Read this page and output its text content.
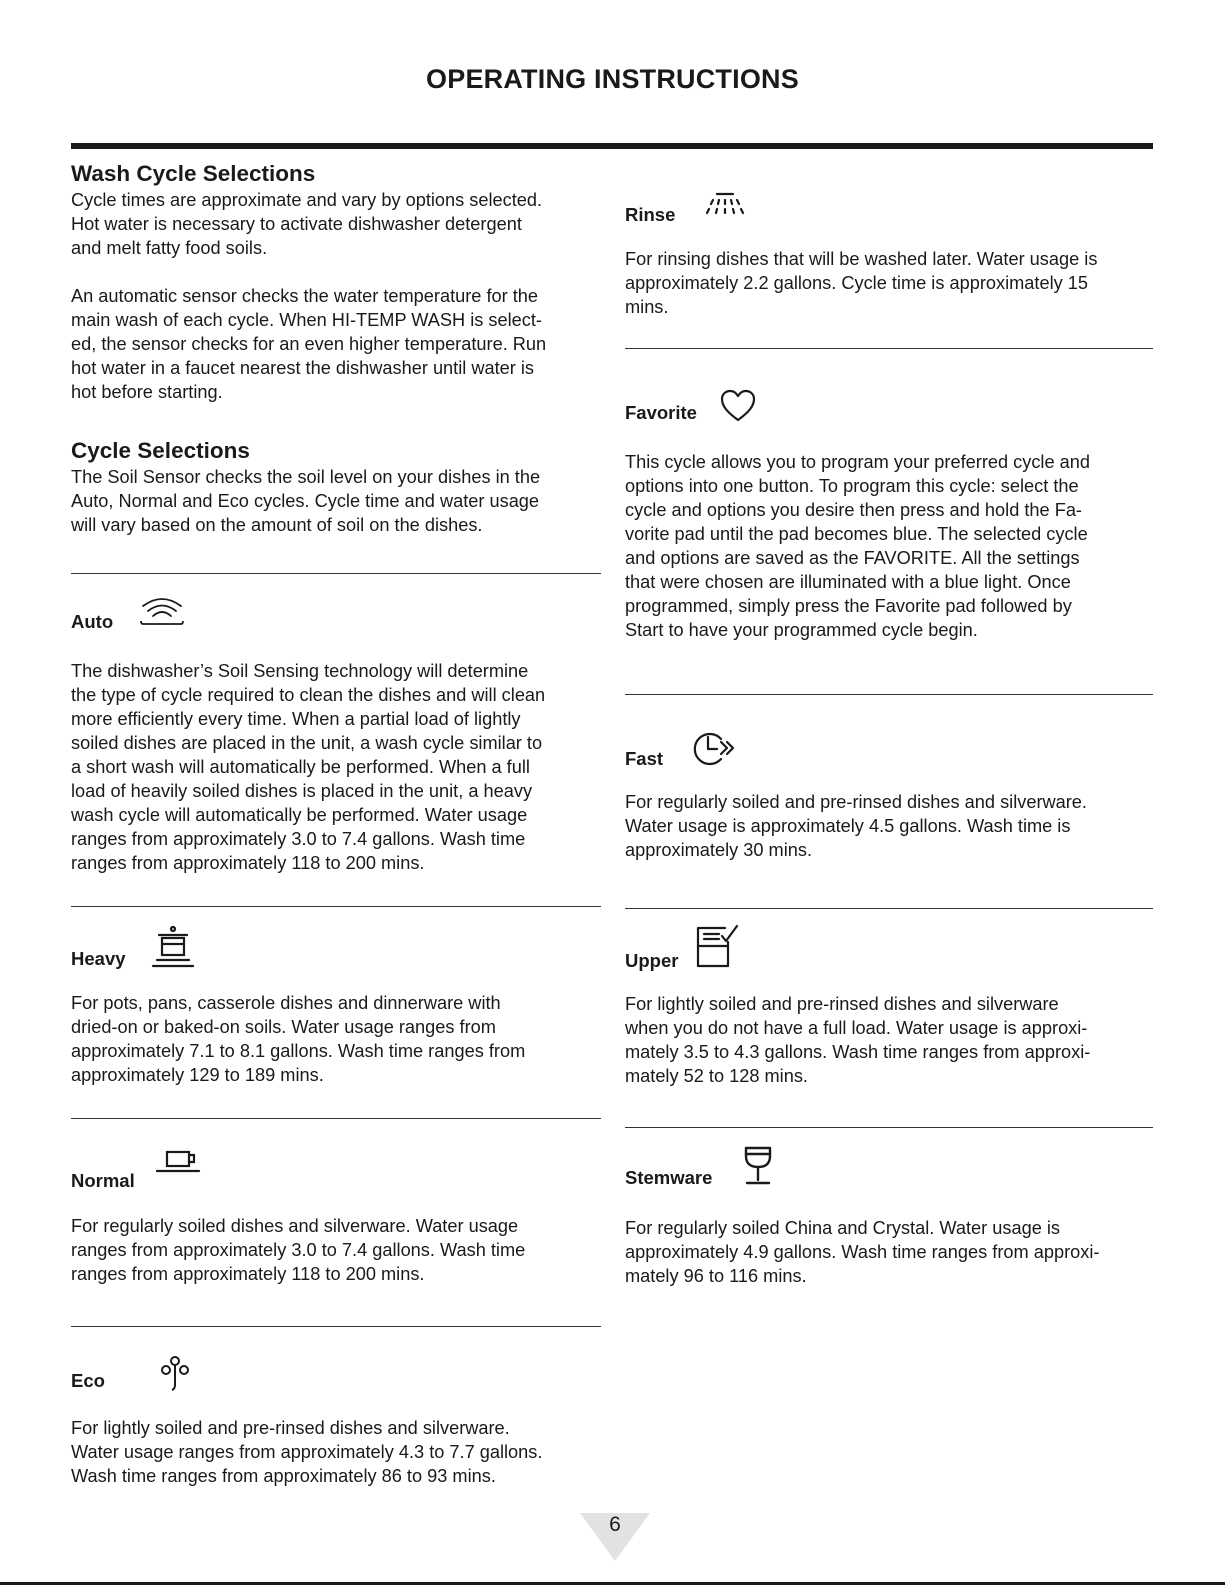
OPERATING INSTRUCTIONS
Wash Cycle Selections

Cycle times are approximate and vary by options selected.
Hot water is necessary to activate dishwasher detergent
and melt fatty food soils.

An automatic sensor checks the water temperature for the
main wash of each cycle. When HI-TEMP WASH is select-
ed, the sensor checks for an even higher temperature. Run
hot water in a faucet nearest the dishwasher until water is
hot before starting.

Cycle Selections

The Soil Sensor checks the soil level on your dishes in the
Auto, Normal and Eco cycles. Cycle time and water usage
will vary based on the amount of soil on the dishes.

Auto

The dishwasher’s Soil Sensing technology will determine
the type of cycle required to clean the dishes and will clean
more efficiently every time. When a partial load of lightly
soiled dishes are placed in the unit, a wash cycle similar to
a short wash will automatically be performed. When a full
load of heavily soiled dishes is placed in the unit, a heavy
wash cycle will automatically be performed. Water usage
ranges from approximately 3.0 to 7.4 gallons. Wash time
ranges from approximately 118 to 200 mins.

Heavy

For pots, pans, casserole dishes and dinnerware with
dried-on or baked-on soils. Water usage ranges from
approximately 7.1 to 8.1 gallons. Wash time ranges from
approximately 129 to 189 mins.

Normal

For regularly soiled dishes and silverware. Water usage
ranges from approximately 3.0 to 7.4 gallons. Wash time
ranges from approximately 118 to 200 mins.

Eco

For lightly soiled and pre-rinsed dishes and silverware.
Water usage ranges from approximately 4.3 to 7.7 gallons.
Wash time ranges from approximately 86 to 93 mins.

Rinse

For rinsing dishes that will be washed later. Water usage is
approximately 2.2 gallons. Cycle time is approximately 15
mins.

Favorite

This cycle allows you to program your preferred cycle and
options into one button. To program this cycle: select the
cycle and options you desire then press and hold the Fa-
vorite pad until the pad becomes blue. The selected cycle
and options are saved as the FAVORITE. All the settings
that were chosen are illuminated with a blue light. Once
programmed, simply press the Favorite pad followed by
Start to have your programmed cycle begin.

Fast

For regularly soiled and pre-rinsed dishes and silverware.
Water usage is approximately 4.5 gallons. Wash time is
approximately 30 mins.

Upper

For lightly soiled and pre-rinsed dishes and silverware
when you do not have a full load. Water usage is approxi-
mately 3.5 to 4.3 gallons. Wash time ranges from approxi-
mately 52 to 128 mins.

Stemware

For regularly soiled China and Crystal. Water usage is
approximately 4.9 gallons. Wash time ranges from approxi-
mately 96 to 116 mins.

6
